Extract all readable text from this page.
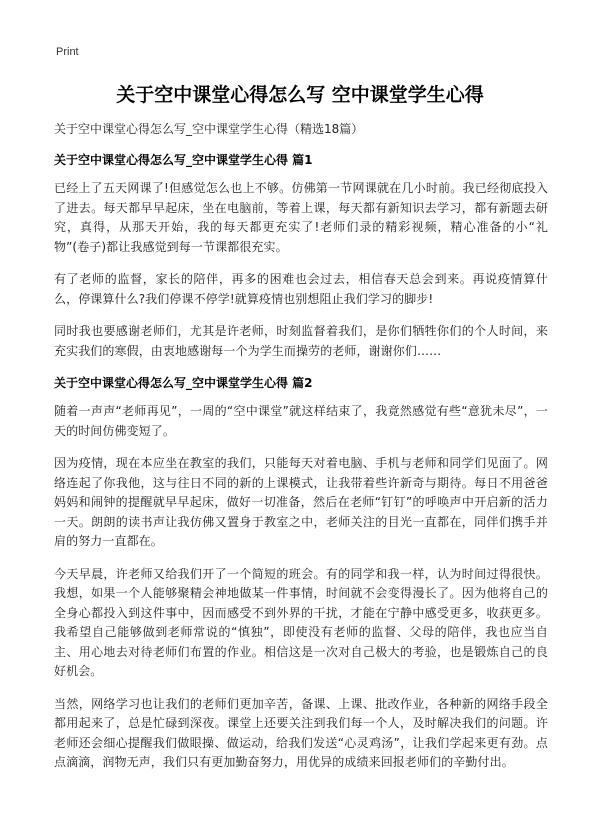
Print
关于空中课堂心得怎么写 空中课堂学生心得

关于空中课堂心得怎么写_空中课堂学生心得（精选18篇）

关于空中课堂心得怎么写_空中课堂学生心得 篇1

已经上了五天网课了!但感觉怎么也上不够。仿佛第一节网课就在几小时前。我已经彻底投入了进去。每天都早早起床，坐在电脑前，等着上课，每天都有新知识去学习，都有新题去研究，真得，从那天开始，我的每天都更充实了!老师们录的精彩视频，精心准备的小“礼物”(卷子)都让我感觉到每一节课都很充实。

有了老师的监督，家长的陪伴，再多的困难也会过去，相信春天总会到来。再说疫情算什么，停课算什么?我们停课不停学!就算疫情也别想阻止我们学习的脚步!

同时我也要感谢老师们，尤其是许老师，时刻监督着我们，是你们牺牲你们的个人时间，来充实我们的寒假，由衷地感谢每一个为学生而操劳的老师，谢谢你们……

关于空中课堂心得怎么写_空中课堂学生心得 篇2

随着一声声“老师再见”，一周的“空中课堂”就这样结束了，我竟然感觉有些“意犹未尽”，一天的时间仿佛变短了。

因为疫情，现在本应坐在教室的我们，只能每天对着电脑、手机与老师和同学们见面了。网络连起了你我他，这与往日不同的新的上课模式，让我带着些许新奇与期待。每日不用爸爸妈妈和闹钟的提醒就早早起床，做好一切准备，然后在老师“钉钉”的呼唤声中开启新的活力一天。朗朗的读书声让我仿佛又置身于教室之中，老师关注的目光一直都在，同伴们携手并肩的努力一直都在。

今天早晨，许老师又给我们开了一个简短的班会。有的同学和我一样，认为时间过得很快。我想，如果一个人能够聚精会神地做某一件事情，时间就不会变得漫长了。因为他将自己的全身心都投入到这件事中，因而感受不到外界的干扰，才能在宁静中感受更多，收获更多。我希望自己能够做到老师常说的“慎独”，即使没有老师的监督、父母的陪伴，我也应当自主、用心地去对待老师们布置的作业。相信这是一次对自己极大的考验，也是锻炼自己的良好机会。

当然，网络学习也让我们的老师们更加辛苦，备课、上课、批改作业，各种新的网络手段全都用起来了，总是忙碌到深夜。课堂上还要关注到我们每一个人，及时解决我们的问题。许老师还会细心提醒我们做眼操、做运动，给我们发送“心灵鸡汤”，让我们学起来更有劲。点点滴滴，润物无声，我们只有更加勤奋努力，用优异的成绩来回报老师们的辛勤付出。
